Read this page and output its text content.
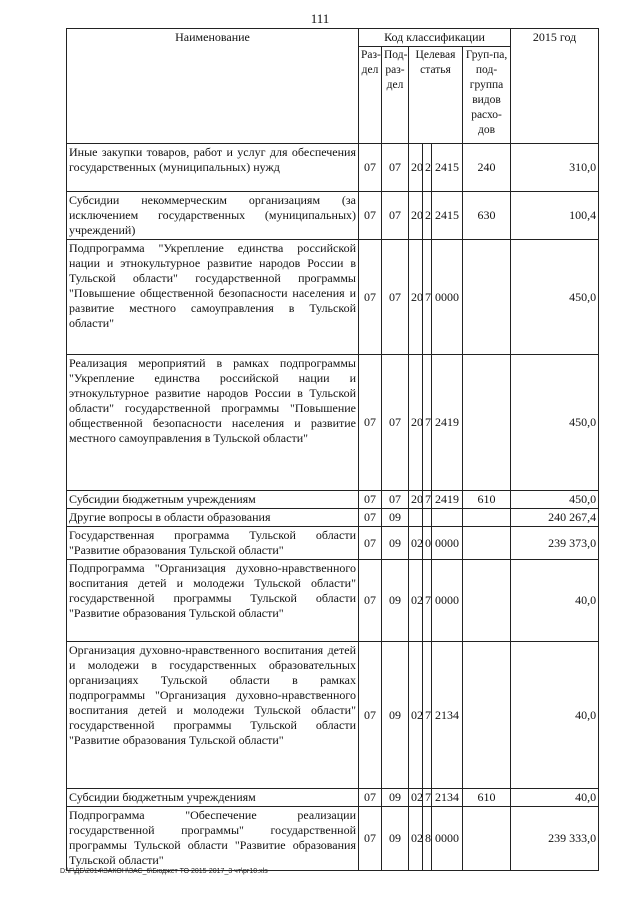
111
Наименование	Код классификации						2015 год
	Раз-дел	Под-раз-дел	Целевая статья			Груп-па, под-группа видов расхо-дов	
Иные закупки товаров, работ и услуг для обеспечения государственных (муниципальных) нужд	07	07	20	2	2415	240	310,0
Субсидии некоммерческим организациям (за исключением государственных (муниципальных) учреждений)	07	07	20	2	2415	630	100,4
Подпрограмма "Укрепление единства российской нации и этнокультурное развитие народов России в Тульской области" государственной программы "Повышение общественной безопасности населения и развитие местного самоуправления в Тульской области"	07	07	20	7	0000		450,0
Реализация мероприятий в рамках подпрограммы "Укрепление единства российской нации и этнокультурное развитие народов России в Тульской области" государственной программы "Повышение общественной безопасности населения и развитие местного самоуправления в Тульской области"	07	07	20	7	2419		450,0
Субсидии бюджетным учреждениям	07	07	20	7	2419	610	450,0
Другие вопросы в области образования	07	09					240 267,4
Государственная программа Тульской области "Развитие образования Тульской области"	07	09	02	0	0000		239 373,0
Подпрограмма "Организация духовно-нравственного воспитания детей и молодежи Тульской области" государственной программы Тульской области "Развитие образования Тульской области"	07	09	02	7	0000		40,0
Организация духовно-нравственного воспитания детей и молодежи в государственных образовательных организациях Тульской области в рамках подпрограммы "Организация духовно-нравственного воспитания детей и молодежи Тульской области" государственной программы Тульской области "Развитие образования Тульской области"	07	09	02	7	2134		40,0
Субсидии бюджетным учреждениям	07	09	02	7	2134	610	40,0
Подпрограмма "Обеспечение реализации государственной программы" государственной программы Тульской области "Развитие образования Тульской области"	07	09	02	8	0000		239 333,0
D:\Г\ДБ\2014\ЗАКОН\ЗАС_6\Бюджет ТО 2015-2017_3 чт\рг10.xls
